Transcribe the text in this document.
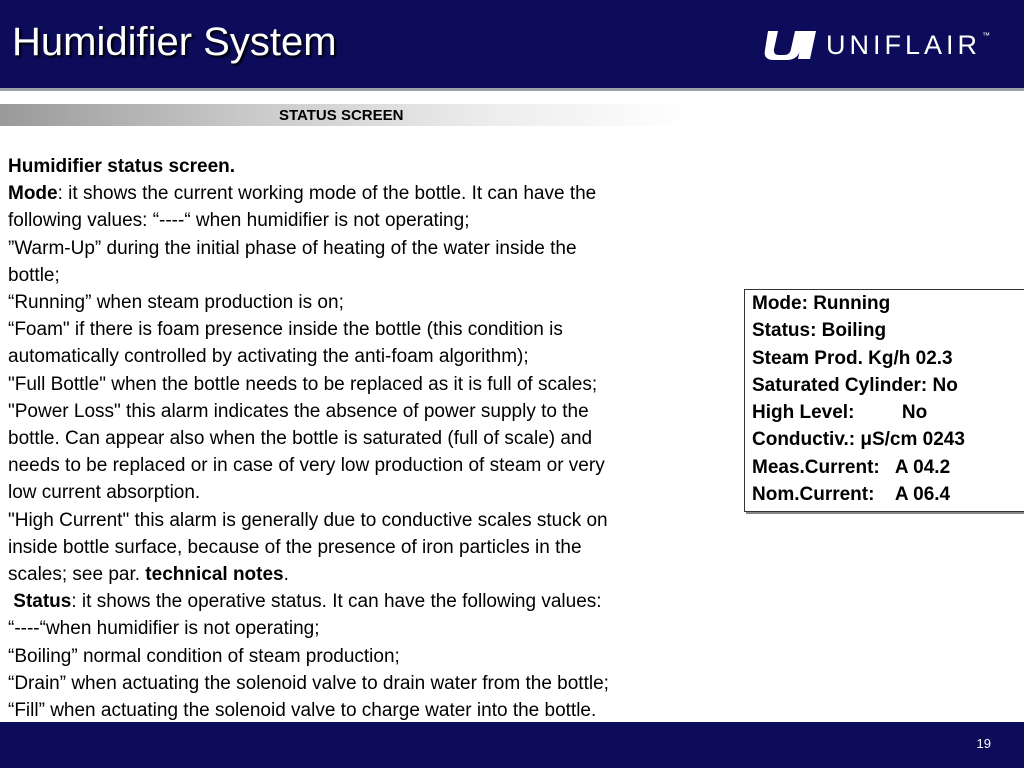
Humidifier System	UNIFLAIR ™
STATUS SCREEN

Humidifier status screen.

Mode: it shows the current working mode of the bottle. It can have the

following values: “----“ when humidifier is not operating;

”Warm-Up” during the initial phase of heating of the water inside the

bottle;

“Running” when steam production is on;

“Foam" if there is foam presence inside the bottle (this condition is

automatically controlled by activating the anti-foam algorithm);

"Full Bottle" when the bottle needs to be replaced as it is full of scales;

"Power Loss" this alarm indicates the absence of power supply to the

bottle. Can appear also when the bottle is saturated (full of scale) and

needs to be replaced or in case of very low production of steam or very

low current absorption.

"High Current" this alarm is generally due to conductive scales stuck on

inside bottle surface, because of the presence of iron particles in the

scales; see par. technical notes.

Status: it shows the operative status. It can have the following values:

“----“when humidifier is not operating;

“Boiling” normal condition of steam production;

“Drain” when actuating the solenoid valve to drain water from the bottle;

“Fill” when actuating the solenoid valve to charge water into the bottle.

Mode: Running

Status: Boiling

Steam Prod. Kg/h 02.3

Saturated Cylinder: No

High Level:         No

Conductiv.: μS/cm 0243

Meas.Current:   A 04.2

Nom.Current:    A 06.4

19
